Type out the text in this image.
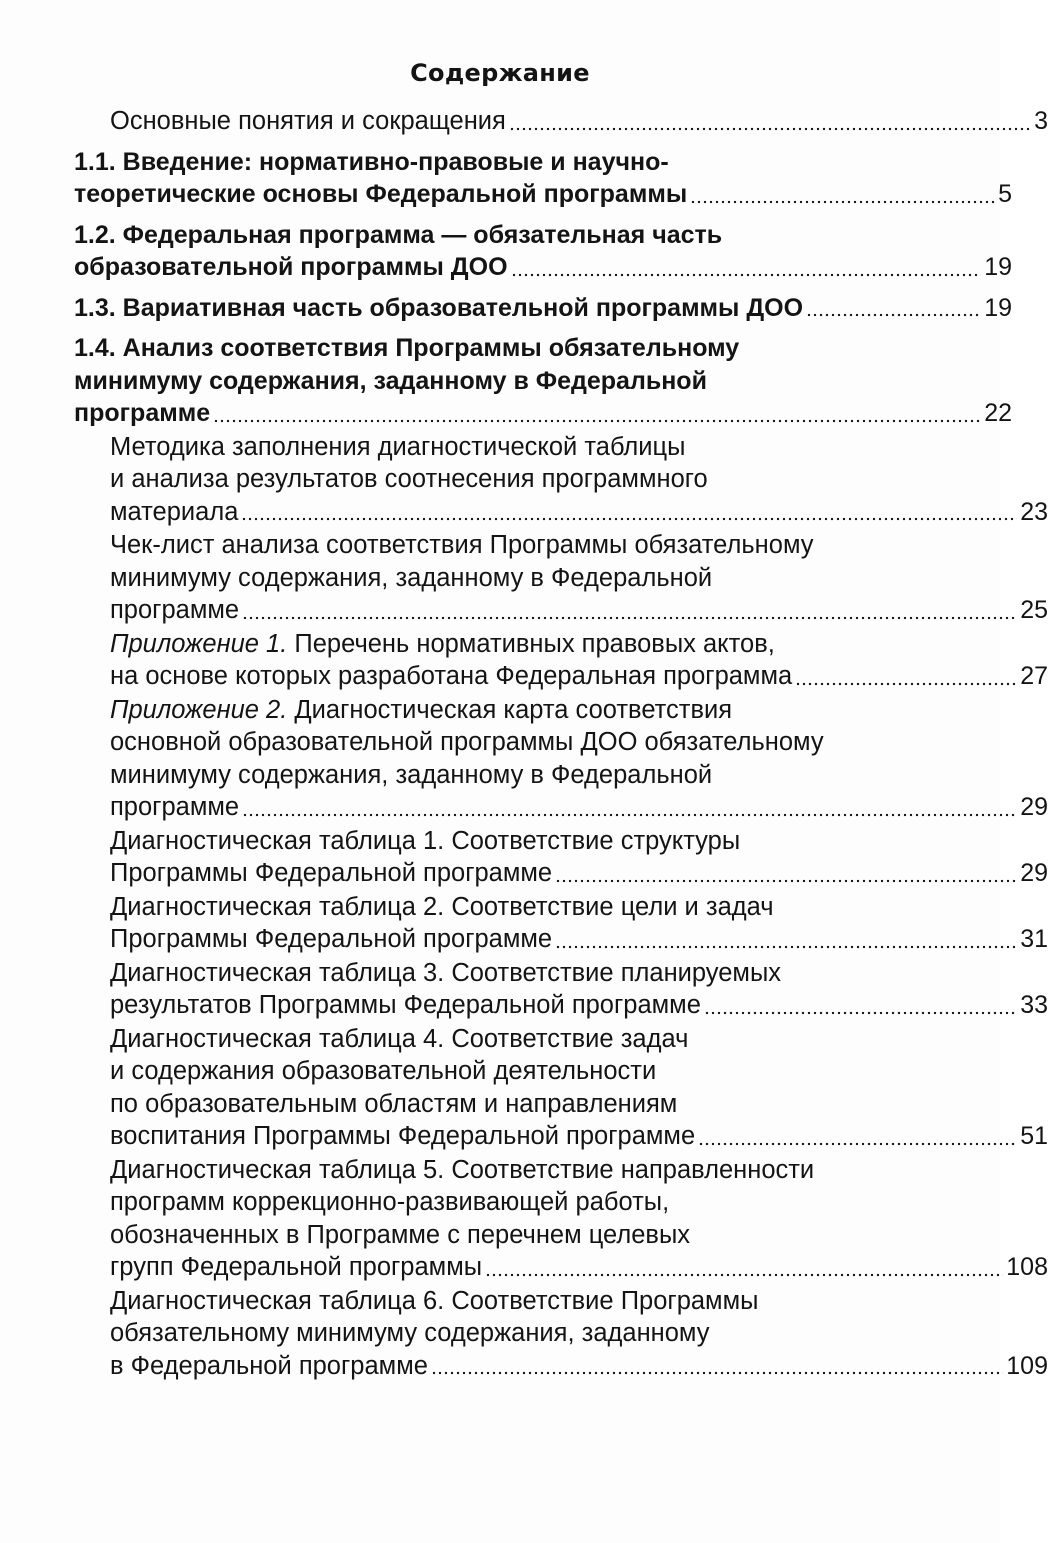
Содержание
Основные понятия и сокращения	3
1.1. Введение: нормативно-правовые и научно-
теоретические основы Федеральной программы	5
1.2. Федеральная программа — обязательная часть
образовательной программы ДОО	19
1.3. Вариативная часть образовательной программы ДОО	19
1.4. Анализ соответствия Программы обязательному
минимуму содержания, заданному в Федеральной
программе	22
Методика заполнения диагностической таблицы
и анализа результатов соотнесения программного
материала	23
Чек-лист анализа соответствия Программы обязательному
минимуму содержания, заданному в Федеральной
программе	25
Приложение 1. Перечень нормативных правовых актов,
на основе которых разработана Федеральная программа	27
Приложение 2. Диагностическая карта соответствия
основной образовательной программы ДОО обязательному
минимуму содержания, заданному в Федеральной
программе	29
Диагностическая таблица 1. Соответствие структуры
Программы Федеральной программе	29
Диагностическая таблица 2. Соответствие цели и задач
Программы Федеральной программе	31
Диагностическая таблица 3. Соответствие планируемых
результатов Программы Федеральной программе	33
Диагностическая таблица 4. Соответствие задач
и содержания образовательной деятельности
по образовательным областям и направлениям
воспитания Программы Федеральной программе	51
Диагностическая таблица 5. Соответствие направленности
программ коррекционно-развивающей работы,
обозначенных в Программе с перечнем целевых
групп Федеральной программы	108
Диагностическая таблица 6. Соответствие Программы
обязательному минимуму содержания, заданному
в Федеральной программе	109
